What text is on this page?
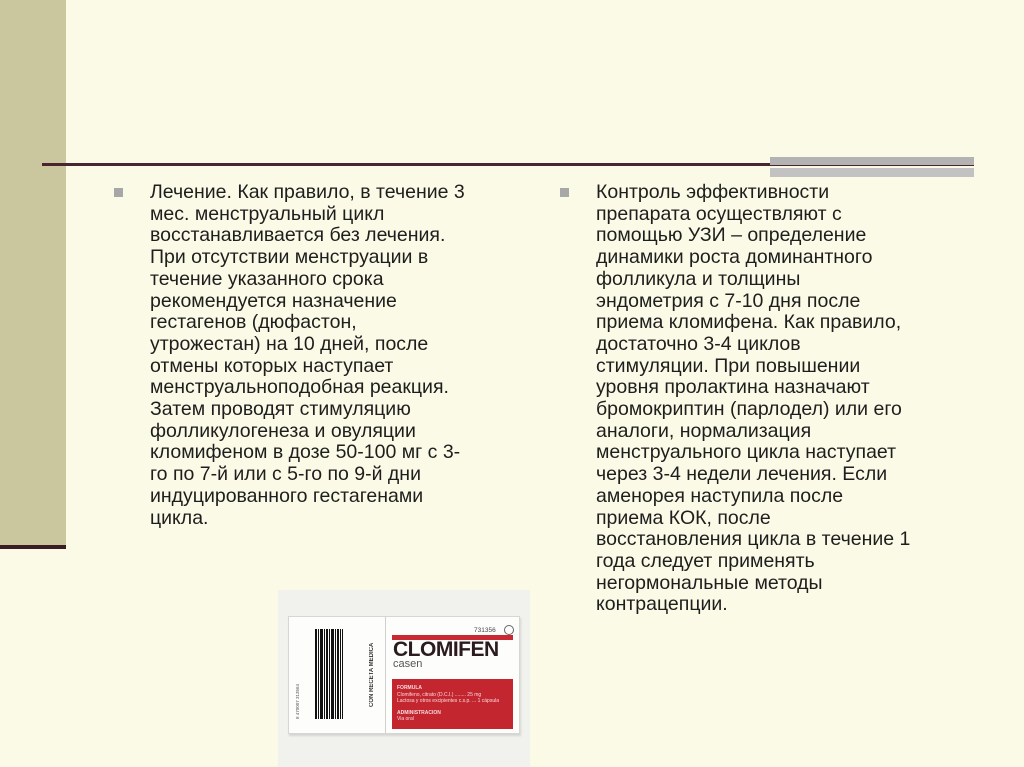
Лечение. Как правило, в течение 3
мес. менструальный цикл
восстанавливается без лечения.
При отсутствии менструации в
течение указанного срока
рекомендуется назначение
гестагенов (дюфастон,
утрожестан) на 10 дней, после
отмены которых наступает
менструальноподобная реакция.
Затем проводят стимуляцию
фолликулогенеза и овуляции
кломифеном в дозе 50-100 мг с 3-
го по 7-й или с 5-го по 9-й дни
индуцированного гестагенами
цикла.
Контроль эффективности
препарата осуществляют с
помощью УЗИ – определение
динамики роста доминантного
фолликула и толщины
эндометрия с 7-10 дня после
приема кломифена. Как правило,
достаточно 3-4 циклов
стимуляции. При повышении
уровня пролактина назначают
бромокриптин (парлодел) или его
аналоги, нормализация
менструального цикла наступает
через 3-4 недели лечения. Если
аменорея наступила после
приема КОК, после
восстановления цикла в течение 1
года следует применять
негормональные методы
контрацепции.
8 470007 313564	CON RECETA MÉDICA
731356
CLOMIFEN
casen
FORMULA
Clomifeno, citrato (D.C.I.) ........ 25 mg
Lactosa y otros excipientes c.s.p. ... 1 cápsula
ADMINISTRACION
Via oral
